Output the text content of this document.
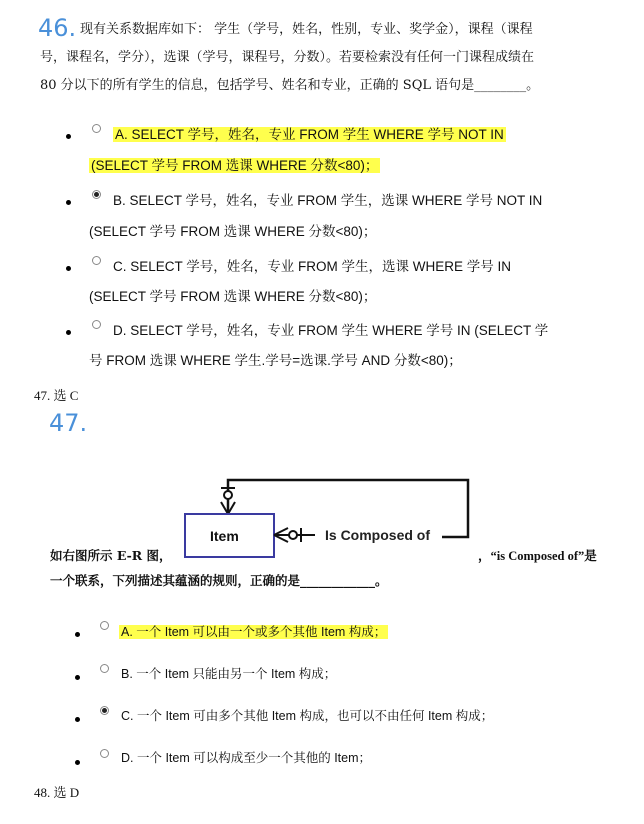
46. 现有关系数据库如下： 学生（学号，姓名，性别，专业、奖学金），课程（课程
号，课程名，学分），选课（学号，课程号，分数）。若要检索没有任何一门课程成绩在
80 分以下的所有学生的信息，包括学号、姓名和专业，正确的 SQL 语句是________。
A. SELECT 学号，姓名，专业 FROM 学生 WHERE 学号 NOT IN
(SELECT 学号 FROM 选课 WHERE 分数<80)；
B. SELECT 学号，姓名，专业 FROM 学生，选课 WHERE 学号 NOT IN
(SELECT 学号 FROM 选课 WHERE 分数<80)；
C. SELECT 学号，姓名，专业 FROM 学生，选课 WHERE 学号 IN
(SELECT 学号 FROM 选课 WHERE 分数<80)；
D. SELECT 学号，姓名，专业 FROM 学生 WHERE 学号 IN (SELECT 学
号 FROM 选课 WHERE 学生.学号=选课.学号 AND 分数<80)；
47. 选 C
47.
Item	Is Composed of
如右图所示 E-R 图，	，“is Composed of”是
一个联系，下列描述其蕴涵的规则，正确的是____________。
A. 一个 Item 可以由一个或多个其他 Item 构成；
B. 一个 Item 只能由另一个 Item 构成；
C. 一个 Item 可由多个其他 Item 构成，也可以不由任何 Item 构成；
D. 一个 Item 可以构成至少一个其他的 Item；
48. 选 D
